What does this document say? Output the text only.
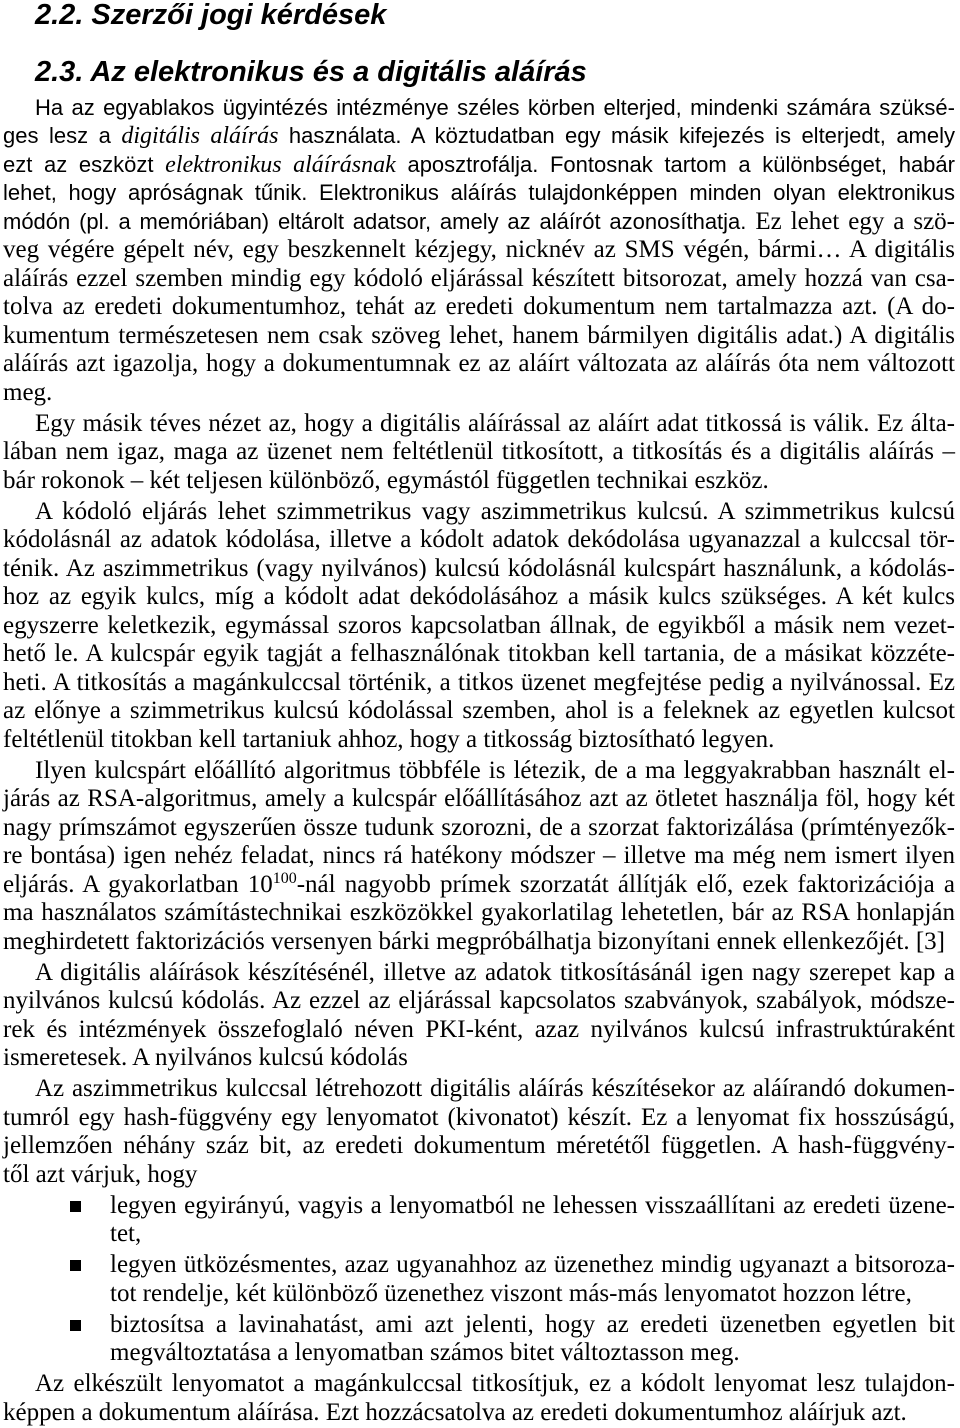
2.2. Szerzői jogi kérdések
2.3. Az elektronikus és a digitális aláírás
Ha az egyablakos ügyintézés intézménye széles körben elterjed, mindenki számára szüksé-
ges lesz a digitális aláírás használata. A köztudatban egy másik kifejezés is elterjedt, amely
ezt az eszközt elektronikus aláírásnak aposztrofálja. Fontosnak tartom a különbséget, habár
lehet, hogy apróságnak tűnik. Elektronikus aláírás tulajdonképpen minden olyan elektronikus
módón (pl. a memóriában) eltárolt adatsor, amely az aláírót azonosíthatja. Ez lehet egy a szö-
veg végére gépelt név, egy beszkennelt kézjegy, nicknév az SMS végén, bármi… A digitális
aláírás ezzel szemben mindig egy kódoló eljárással készített bitsorozat, amely hozzá van csa-
tolva az eredeti dokumentumhoz, tehát az eredeti dokumentum nem tartalmazza azt. (A do-
kumentum természetesen nem csak szöveg lehet, hanem bármilyen digitális adat.) A digitális
aláírás azt igazolja, hogy a dokumentumnak ez az aláírt változata az aláírás óta nem változott
meg.
Egy másik téves nézet az, hogy a digitális aláírással az aláírt adat titkossá is válik. Ez álta-
lában nem igaz, maga az üzenet nem feltétlenül titkosított, a titkosítás és a digitális aláírás –
bár rokonok – két teljesen különböző, egymástól független technikai eszköz.
A kódoló eljárás lehet szimmetrikus vagy aszimmetrikus kulcsú. A szimmetrikus kulcsú
kódolásnál az adatok kódolása, illetve a kódolt adatok dekódolása ugyanazzal a kulccsal tör-
ténik. Az aszimmetrikus (vagy nyilvános) kulcsú kódolásnál kulcspárt használunk, a kódolás-
hoz az egyik kulcs, míg a kódolt adat dekódolásához a másik kulcs szükséges. A két kulcs
egyszerre keletkezik, egymással szoros kapcsolatban állnak, de egyikből a másik nem vezet-
hető le. A kulcspár egyik tagját a felhasználónak titokban kell tartania, de a másikat közzéte-
heti. A titkosítás a magánkulccsal történik, a titkos üzenet megfejtése pedig a nyilvánossal. Ez
az előnye a szimmetrikus kulcsú kódolással szemben, ahol is a feleknek az egyetlen kulcsot
feltétlenül titokban kell tartaniuk ahhoz, hogy a titkosság biztosítható legyen.
Ilyen kulcspárt előállító algoritmus többféle is létezik, de a ma leggyakrabban használt el-
járás az RSA-algoritmus, amely a kulcspár előállításához azt az ötletet használja föl, hogy két
nagy prímszámot egyszerűen össze tudunk szorozni, de a szorzat faktorizálása (prímtényezők-
re bontása) igen nehéz feladat, nincs rá hatékony módszer – illetve ma még nem ismert ilyen
eljárás. A gyakorlatban $10^{100}$-nál nagyobb prímek szorzatát állítják elő, ezek faktorizációja a
ma használatos számítástechnikai eszközökkel gyakorlatilag lehetetlen, bár az RSA honlapján
meghirdetett faktorizációs versenyen bárki megpróbálhatja bizonyítani ennek ellenkezőjét. [3]
A digitális aláírások készítésénél, illetve az adatok titkosításánál igen nagy szerepet kap a
nyilvános kulcsú kódolás. Az ezzel az eljárással kapcsolatos szabványok, szabályok, módsze-
rek és intézmények összefoglaló néven PKI-ként, azaz nyilvános kulcsú infrastruktúraként
ismeretesek. A nyilvános kulcsú kódolás
Az aszimmetrikus kulccsal létrehozott digitális aláírás készítésekor az aláírandó dokumen-
tumról egy hash-függvény egy lenyomatot (kivonatot) készít. Ez a lenyomat fix hosszúságú,
jellemzően néhány száz bit, az eredeti dokumentum méretétől független. A hash-függvény-
től azt várjuk, hogy
legyen egyirányú, vagyis a lenyomatból ne lehessen visszaállítani az eredeti üzene-
tet,
legyen ütközésmentes, azaz ugyanahhoz az üzenethez mindig ugyanazt a bitsoroza-
tot rendelje, két különböző üzenethez viszont más-más lenyomatot hozzon létre,
biztosítsa a lavinahatást, ami azt jelenti, hogy az eredeti üzenetben egyetlen bit
megváltoztatása a lenyomatban számos bitet változtasson meg.
Az elkészült lenyomatot a magánkulccsal titkosítjuk, ez a kódolt lenyomat lesz tulajdon-
képpen a dokumentum aláírása. Ezt hozzácsatolva az eredeti dokumentumhoz aláírjuk azt.
